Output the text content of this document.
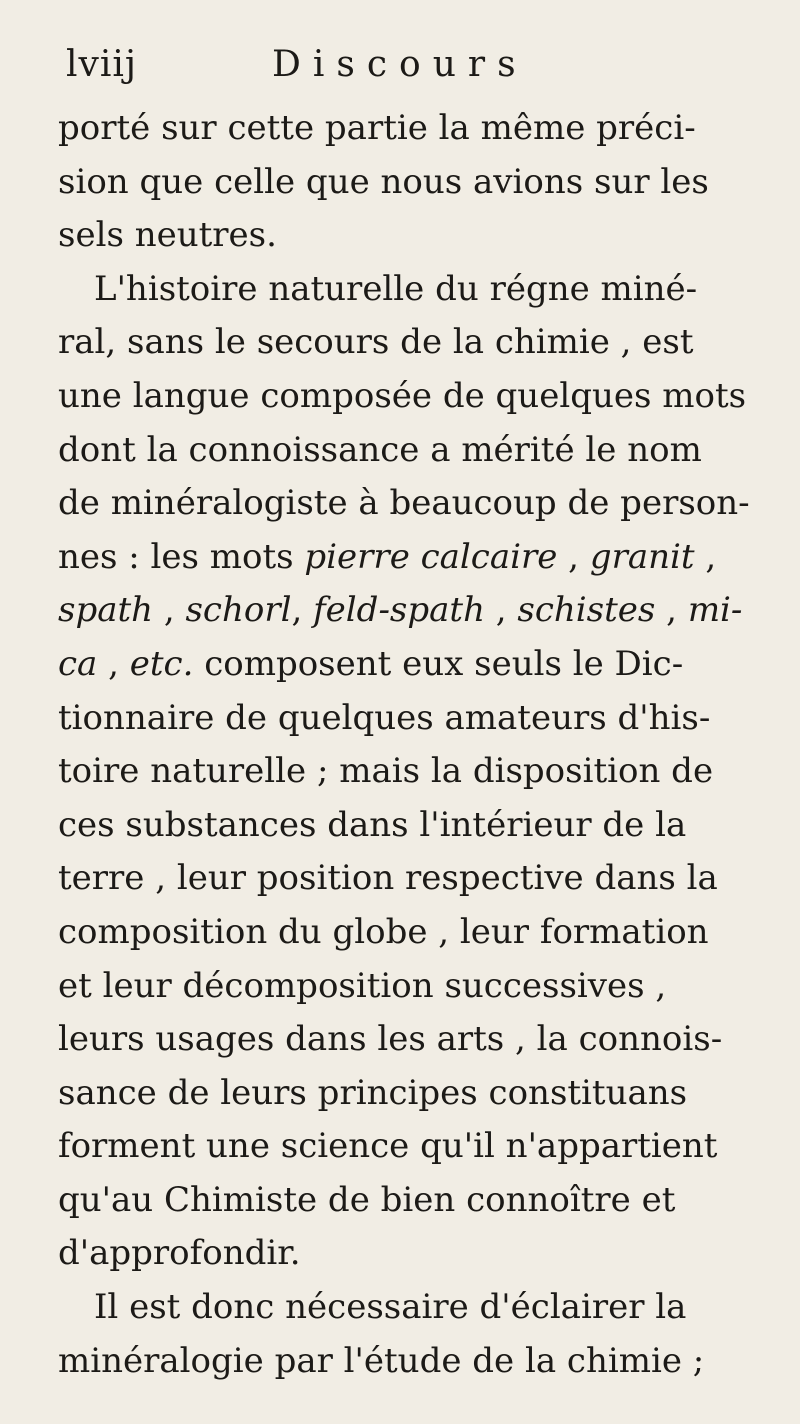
lviij	Discours
porté sur cette partie la même préci-
sion que celle que nous avions sur les
sels neutres.
L'histoire naturelle du régne miné-
ral, sans le secours de la chimie , est
une langue composée de quelques mots
dont la connoissance a mérité le nom
de minéralogiste à beaucoup de person-
nes : les mots pierre calcaire , granit ,
spath , schorl, feld-spath , schistes , mi-
ca , etc. composent eux seuls le Dic-
tionnaire de quelques amateurs d'his-
toire naturelle ; mais la disposition de
ces substances dans l'intérieur de la
terre , leur position respective dans la
composition du globe , leur formation
et leur décomposition successives ,
leurs usages dans les arts , la connois-
sance de leurs principes constituans
forment une science qu'il n'appartient
qu'au Chimiste de bien connoître et
d'approfondir.
Il est donc nécessaire d'éclairer la
minéralogie par l'étude de la chimie ;
